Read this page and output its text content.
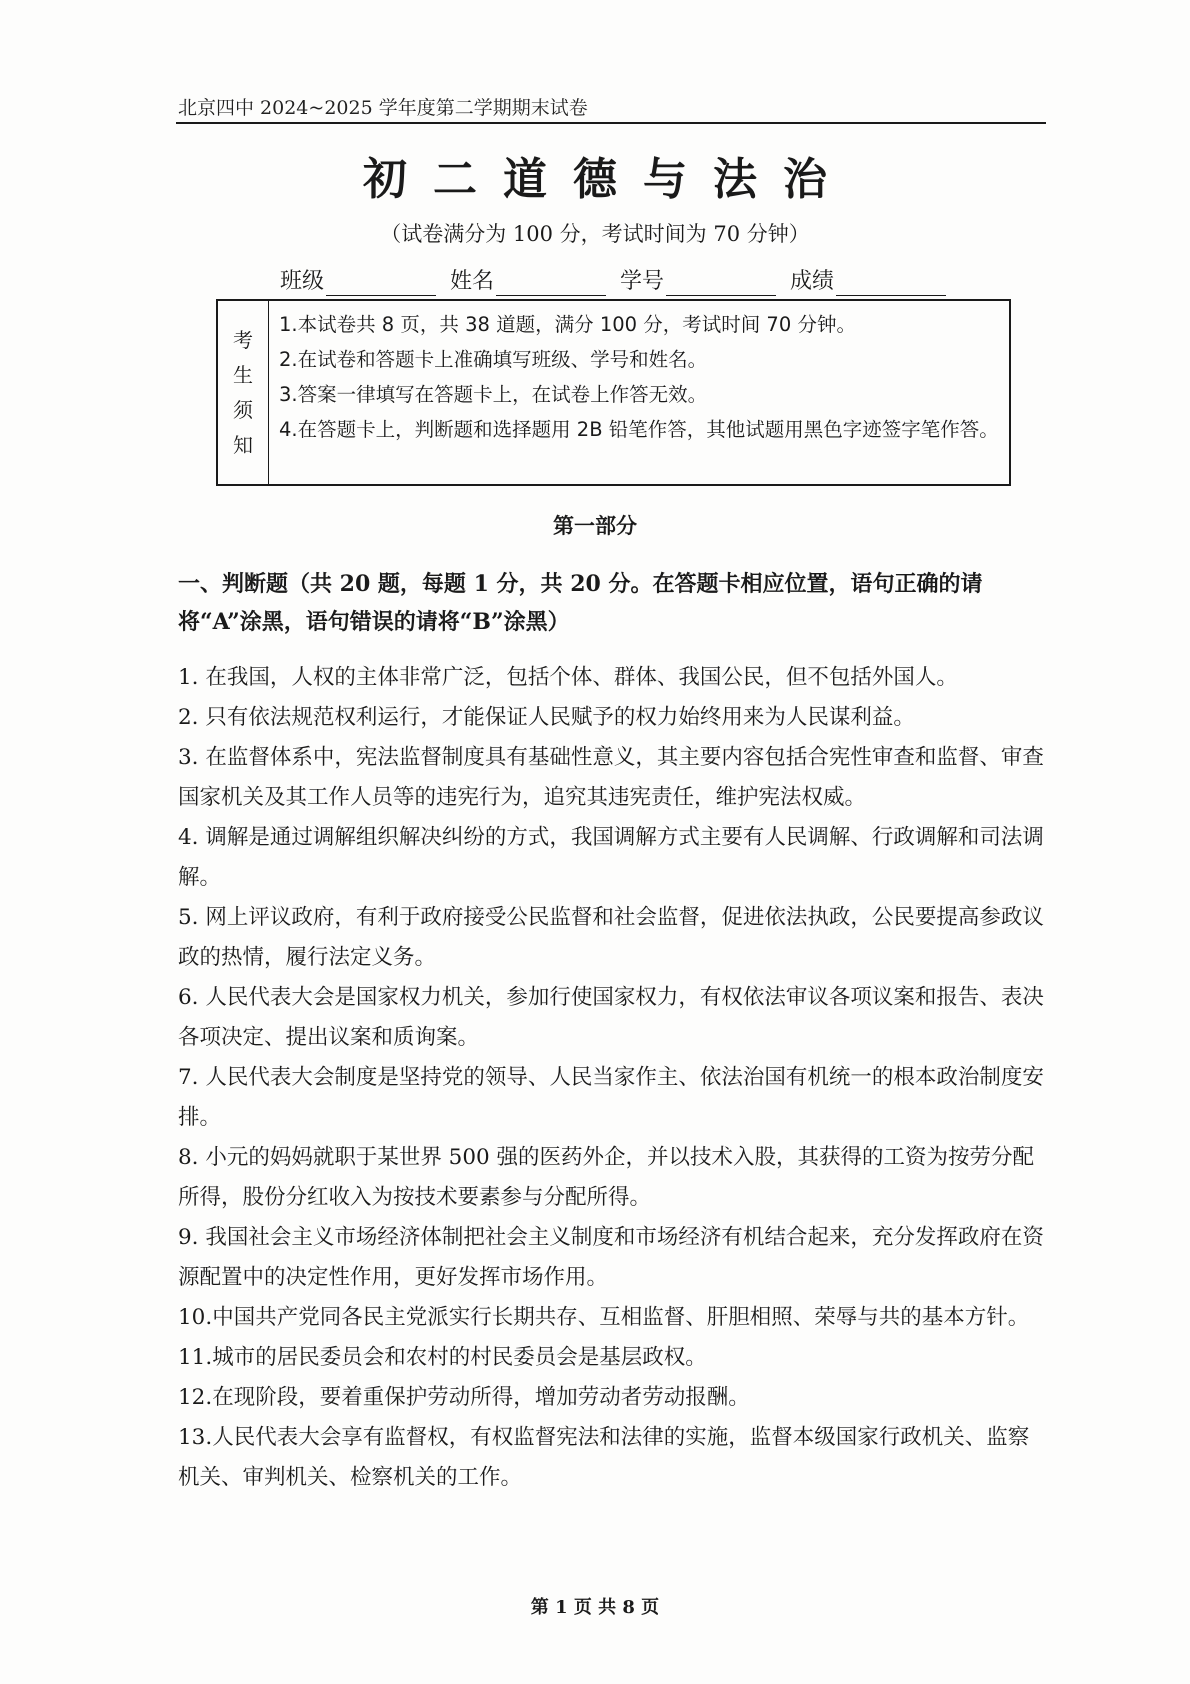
北京四中 2024~2025 学年度第二学期期末试卷
初二道德与法治
（试卷满分为 100 分，考试时间为 70 分钟）
班级	姓名	学号	成绩
考
生
须
知
1.本试卷共 8 页，共 38 道题，满分 100 分，考试时间 70 分钟。
2.在试卷和答题卡上准确填写班级、学号和姓名。
3.答案一律填写在答题卡上，在试卷上作答无效。
4.在答题卡上，判断题和选择题用 2B 铅笔作答，其他试题用黑色字迹签字笔作答。
第一部分
一、判断题（共 20 题，每题 1 分，共 20 分。在答题卡相应位置，语句正确的请将“A”涂黑，语句错误的请将“B”涂黑）
1. 在我国，人权的主体非常广泛，包括个体、群体、我国公民，但不包括外国人。
2. 只有依法规范权利运行，才能保证人民赋予的权力始终用来为人民谋利益。
3. 在监督体系中，宪法监督制度具有基础性意义，其主要内容包括合宪性审查和监督、审查国家机关及其工作人员等的违宪行为，追究其违宪责任，维护宪法权威。
4. 调解是通过调解组织解决纠纷的方式，我国调解方式主要有人民调解、行政调解和司法调解。
5. 网上评议政府，有利于政府接受公民监督和社会监督，促进依法执政，公民要提高参政议政的热情，履行法定义务。
6. 人民代表大会是国家权力机关，参加行使国家权力，有权依法审议各项议案和报告、表决各项决定、提出议案和质询案。
7. 人民代表大会制度是坚持党的领导、人民当家作主、依法治国有机统一的根本政治制度安排。
8. 小元的妈妈就职于某世界 500 强的医药外企，并以技术入股，其获得的工资为按劳分配所得，股份分红收入为按技术要素参与分配所得。
9. 我国社会主义市场经济体制把社会主义制度和市场经济有机结合起来，充分发挥政府在资源配置中的决定性作用，更好发挥市场作用。
10.中国共产党同各民主党派实行长期共存、互相监督、肝胆相照、荣辱与共的基本方针。
11.城市的居民委员会和农村的村民委员会是基层政权。
12.在现阶段，要着重保护劳动所得，增加劳动者劳动报酬。
13.人民代表大会享有监督权，有权监督宪法和法律的实施，监督本级国家行政机关、监察机关、审判机关、检察机关的工作。
第 1 页 共 8 页
